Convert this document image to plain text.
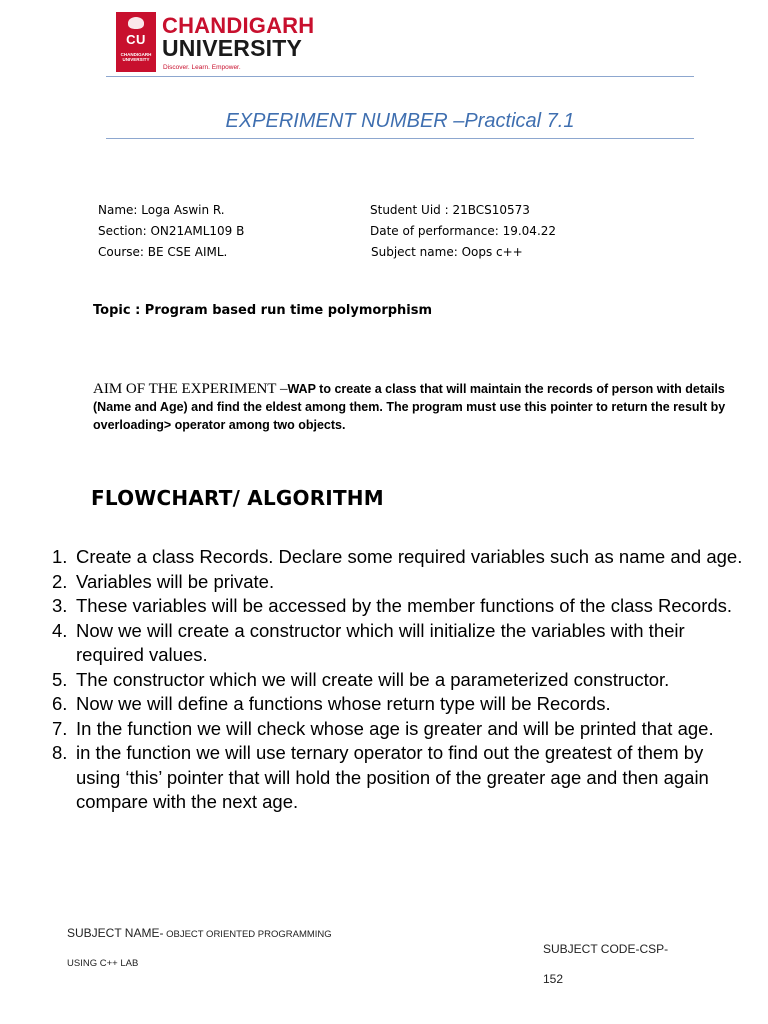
CU
CHANDIGARH UNIVERSITY
CHANDIGARH
UNIVERSITY
Discover. Learn. Empower.
EXPERIMENT NUMBER –Practical 7.1
Name: Loga Aswin R.	Student Uid : 21BCS10573
Section: ON21AML109 B	Date of performance: 19.04.22
Course: BE CSE AIML.	Subject name: Oops c++
Topic : Program based run time polymorphism
AIM OF THE EXPERIMENT –WAP to create a class that will maintain the records of person with details (Name and Age) and find the eldest among them. The program must use this pointer to return the result by overloading> operator among two objects.
FLOWCHART/ ALGORITHM
1. Create a class Records. Declare some required variables such as name and age.
2. Variables will be private.
3. These variables will be accessed by the member functions of the class Records.
4. Now we will create a constructor which will initialize the variables with their required values.
5. The constructor which we will create will be a parameterized constructor.
6. Now we will define a functions whose return type will be Records.
7. In the function we will check whose age is greater and will be printed that age.
8. in the function we will use ternary operator to find out the greatest of them by using ‘this’ pointer that will hold the position of the greater age and then again compare with the next age.
SUBJECT NAME- OBJECT ORIENTED PROGRAMMING
USING C++ LAB
SUBJECT CODE-CSP-
152
